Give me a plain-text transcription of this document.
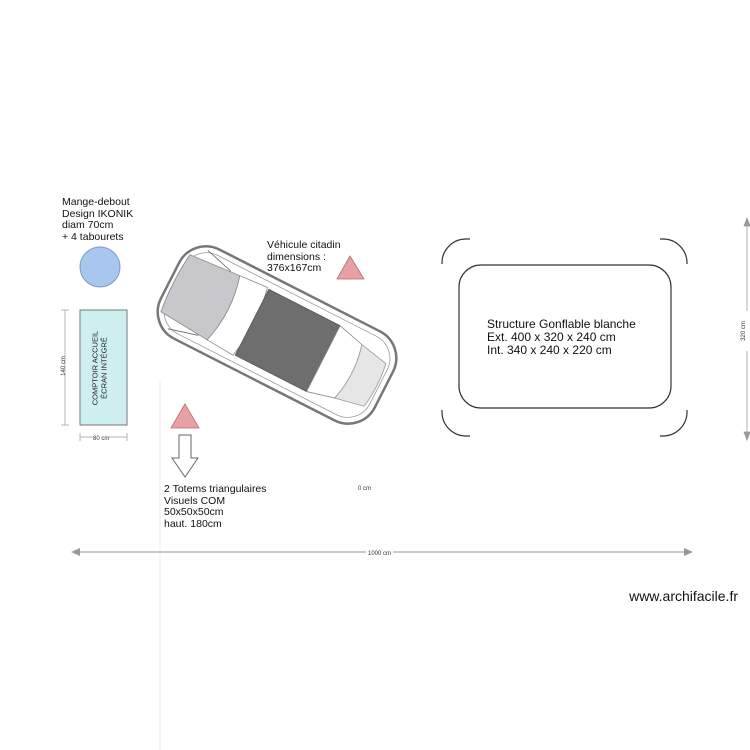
Mange-debout
Design IKONIK
diam 70cm
+ 4 tabourets
Véhicule citadin
dimensions :
376x167cm
COMPTOIR ACCUEIL ÉCRAN INTÉGRÉ
140 cm
80 cm
2 Totems triangulaires
Visuels COM
50x50x50cm
haut. 180cm
Structure Gonflable blanche
Ext. 400 x 320 x 240 cm
Int. 340 x 240 x 220 cm
320 cm
0 cm
1000 cm
www.archifacile.fr
